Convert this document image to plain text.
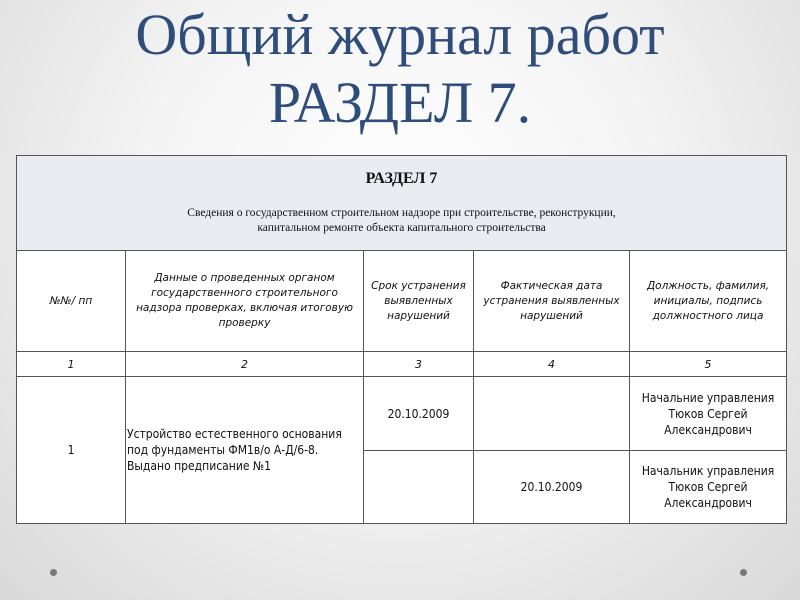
Общий журнал работ
РАЗДЕЛ 7.
РАЗДЕЛ 7
Сведения о государственном строительном надзоре при строительстве, реконструкции, капитальном ремонте объекта капитального строительства				

№№/ пп	Данные о проведенных органом государственного строительного надзора проверках, включая итоговую проверку	Срок устранения выявленных нарушений	Фактическая дата устранения выявленных нарушений	Должность, фамилия, инициалы, подпись должностного лица
1	2	3	4	5
1	Устройство естественного основания под фундаменты ФМ1в/о А-Д/6-8. Выдано предписание №1	20.10.2009		Начальние управления Тюков Сергей Александрович
			20.10.2009	Начальник управления Тюков Сергей Александрович
